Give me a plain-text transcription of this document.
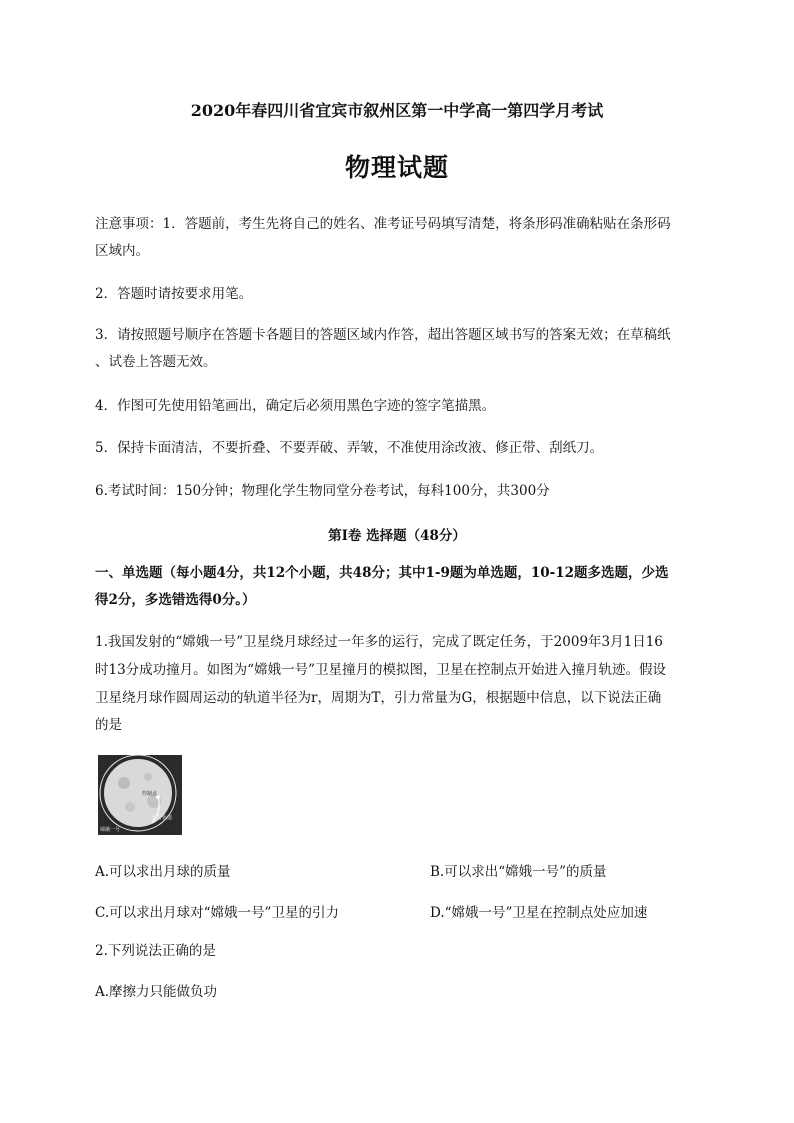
2020年春四川省宜宾市叙州区第一中学高一第四学月考试
物理试题
注意事项：1．答题前，考生先将自己的姓名、准考证号码填写清楚，将条形码准确粘贴在条形码
区域内。
2．答题时请按要求用笔。
3．请按照题号顺序在答题卡各题目的答题区域内作答，超出答题区域书写的答案无效；在草稿纸
、试卷上答题无效。
4．作图可先使用铅笔画出，确定后必须用黑色字迹的签字笔描黑。
5．保持卡面清洁，不要折叠、不要弄破、弄皱，不准使用涂改液、修正带、刮纸刀。
6.考试时间：150分钟；物理化学生物同堂分卷考试，每科100分，共300分
第I卷 选择题（48分）
一、单选题（每小题4分，共12个小题，共48分；其中1-9题为单选题，10-12题多选题，少选
得2分，多选错选得0分。）
1.我国发射的“嫦娥一号”卫星绕月球经过一年多的运行，完成了既定任务，于2009年3月1日16
时13分成功撞月。如图为“嫦娥一号”卫星撞月的模拟图，卫星在控制点开始进入撞月轨迹。假设
卫星绕月球作圆周运动的轨道半径为r，周期为T，引力常量为G，根据题中信息，以下说法正确
的是
控制点
撞月轨道
嫦娥一号
A.可以求出月球的质量	B.可以求出“嫦娥一号”的质量
C.可以求出月球对“嫦娥一号”卫星的引力	D.“嫦娥一号”卫星在控制点处应加速
2.下列说法正确的是
A.摩擦力只能做负功
